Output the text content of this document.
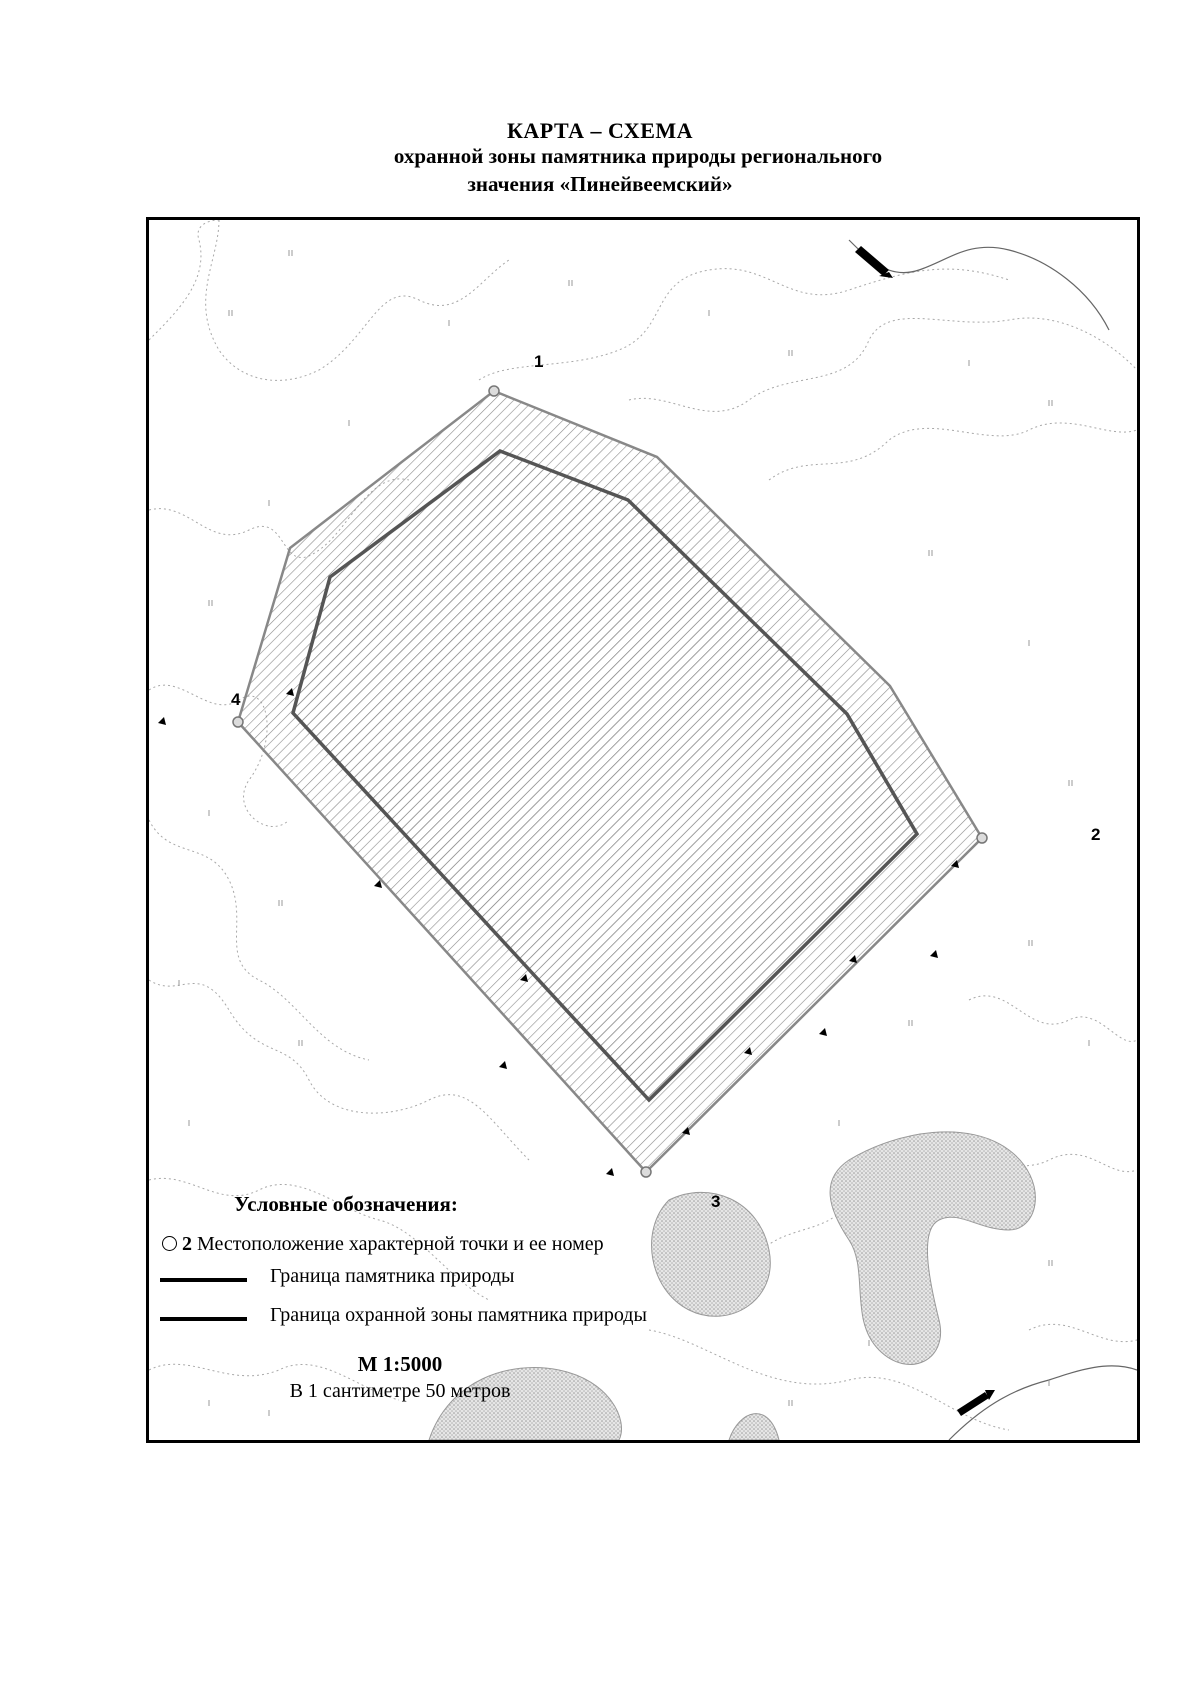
КАРТА – СХЕМА
охранной зоны памятника природы регионального
значения «Пинейвеемский»
1
2
3
4
Условные обозначения:
2 Местоположение характерной точки и ее номер
Граница памятника природы
Граница охранной зоны памятника природы
М 1:5000
В 1 сантиметре 50 метров
